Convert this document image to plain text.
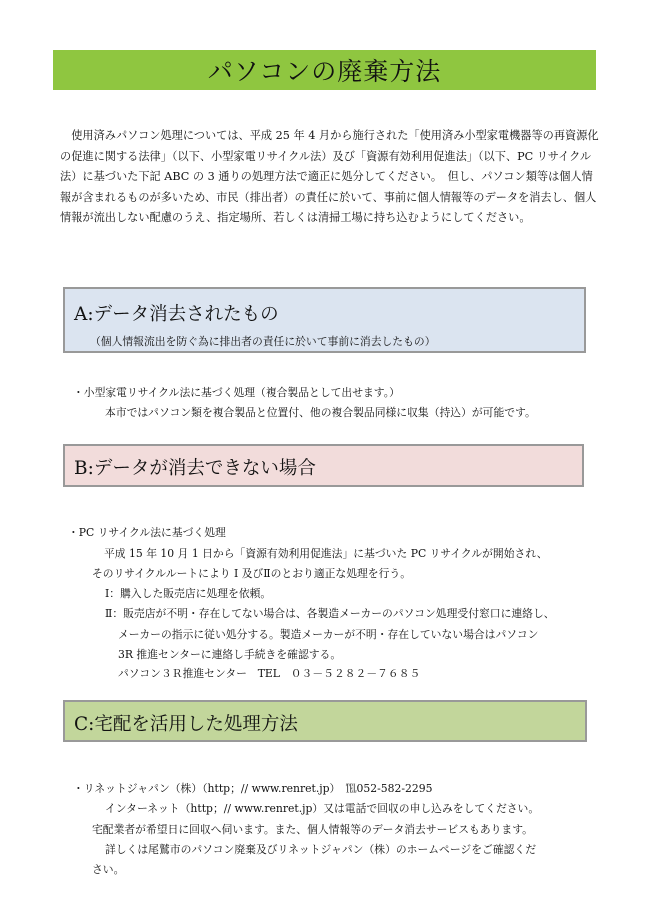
パソコンの廃棄方法

使用済みパソコン処理については、平成 25 年 4 月から施行された「使用済み小型家電機器等の再資源化の促進に関する法律」（以下、小型家電リサイクル法）及び「資源有効利用促進法」（以下、PC リサイクル法）に基づいた下記 ABC の 3 通りの処理方法で適正に処分してください。　但し、パソコン類等は個人情報が含まれるものが多いため、市民（排出者）の責任に於いて、事前に個人情報等のデータを消去し、個人情報が流出しない配慮のうえ、指定場所、若しくは清掃工場に持ち込むようにしてください。

A:データ消去されたもの
（個人情報流出を防ぐ為に排出者の責任に於いて事前に消去したもの）

・小型家電リサイクル法に基づく処理（複合製品として出せます。）

本市ではパソコン類を複合製品と位置付、他の複合製品同様に収集（持込）が可能です。

B:データが消去できない場合

・PC リサイクル法に基づく処理

平成 15 年 10 月 1 日から「資源有効利用促進法」に基づいた PC リサイクルが開始され、

そのリサイクルルートにより Ⅰ 及びⅡのとおり適正な処理を行う。

Ⅰ：購入した販売店に処理を依頼。

Ⅱ：販売店が不明・存在してない場合は、各製造メーカーのパソコン処理受付窓口に連絡し、

メーカーの指示に従い処分する。製造メーカーが不明・存在していない場合はパソコン

3R 推進センターに連絡し手続きを確認する。

パソコン３Ｒ推進センター　TEL　０３－５２８２－７６８５

C:宅配を活用した処理方法

・リネットジャパン（株）（http；// www.renret.jp）　℡052-582-2295

インターネット（http；// www.renret.jp）又は電話で回収の申し込みをしてください。

宅配業者が希望日に回収へ伺います。また、個人情報等のデータ消去サービスもあります。

詳しくは尾鷲市のパソコン廃棄及びリネットジャパン（株）のホームページをご確認くだ

さい。
